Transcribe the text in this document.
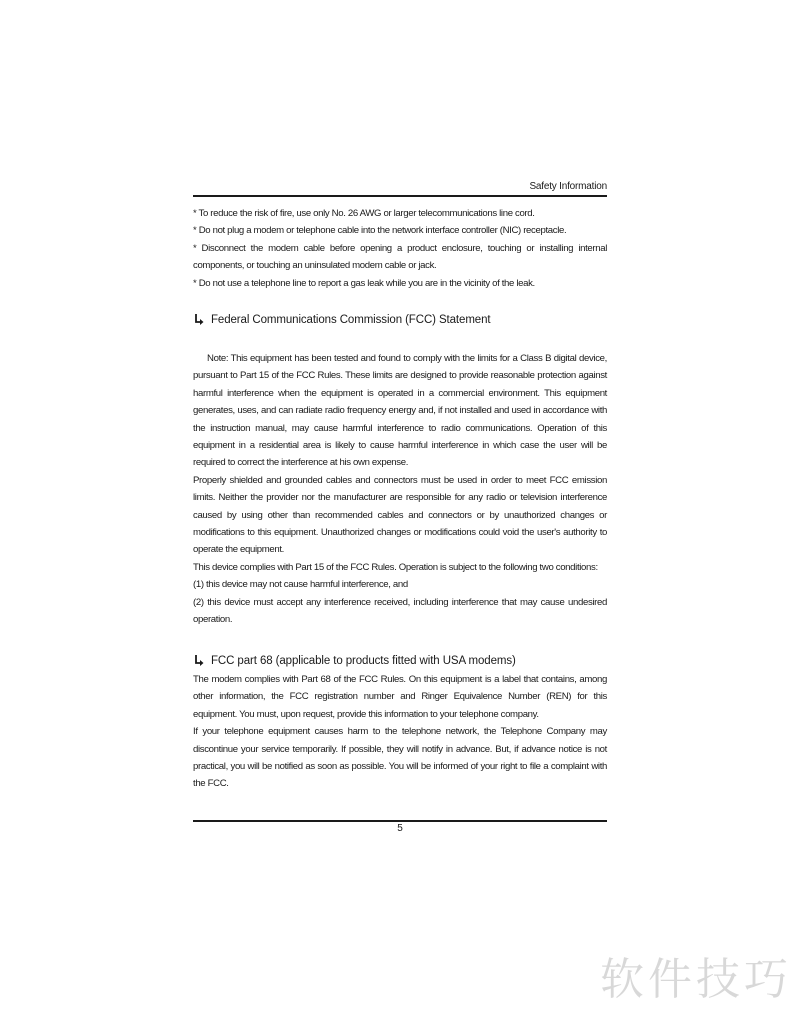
Safety Information

* To reduce the risk of fire, use only No. 26 AWG or larger telecommunications line cord.

* Do not plug a modem or telephone cable into the network interface controller (NIC) receptacle.

* Disconnect the modem cable before opening a product enclosure, touching or installing internal components, or touching an uninsulated modem cable or jack.

* Do not use a telephone line to report a gas leak while you are in the vicinity of the leak.

Federal Communications Commission (FCC) Statement

Note: This equipment has been tested and found to comply with the limits for a Class B digital device, pursuant to Part 15 of the FCC Rules. These limits are designed to provide reasonable protection against harmful interference when the equipment is operated in a commercial environment. This equipment generates, uses, and can radiate radio frequency energy and, if not installed and used in accordance with the instruction manual, may cause harmful interference to radio communications. Operation of this equipment in a residential area is likely to cause harmful interference in which case the user will be required to correct the interference at his own expense.

Properly shielded and grounded cables and connectors must be used in order to meet FCC emission limits. Neither the provider nor the manufacturer are responsible for any radio or television interference caused by using other than recommended cables and connectors or by unauthorized changes or modifications to this equipment. Unauthorized changes or modifications could void the user's authority to operate the equipment.

This device complies with Part 15 of the FCC Rules. Operation is subject to the following two conditions:

(1) this device may not cause harmful interference, and

(2) this device must accept any interference received, including interference that may cause undesired operation.

FCC part 68 (applicable to products fitted with USA modems)

The modem complies with Part 68 of the FCC Rules. On this equipment is a label that contains, among other information, the FCC registration number and Ringer Equivalence Number (REN) for this equipment. You must, upon request, provide this information to your telephone company.

If your telephone equipment causes harm to the telephone network, the Telephone Company may discontinue your service temporarily. If possible, they will notify in advance. But, if advance notice is not practical, you will be notified as soon as possible. You will be informed of your right to file a complaint with the FCC.

5
软件技巧
